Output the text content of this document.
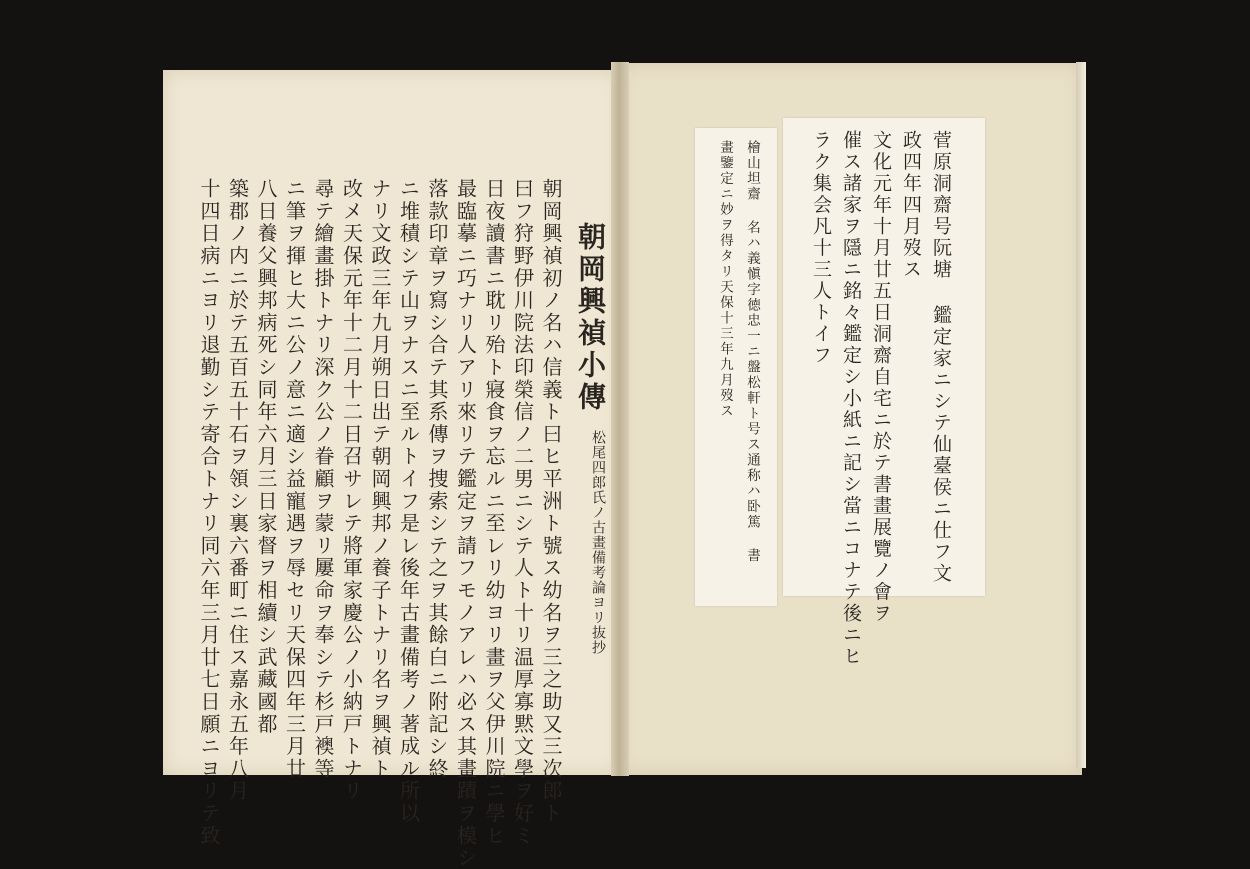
朝岡興禎小傳
松尾四郎氏ノ古畫備考論ヨリ抜抄
朝岡興禎初ノ名ハ信義ト曰ヒ平洲ト號ス幼名ヲ三之助又三次郎ト
曰フ狩野伊川院法印榮信ノ二男ニシテ人ト十リ温厚寡黙文學ヲ好ミ
日夜讀書ニ耽リ殆ト寢食ヲ忘ルニ至レリ幼ヨリ畫ヲ父伊川院ニ學ヒ
最臨摹ニ巧ナリ人アリ來リテ鑑定ヲ請フモノアレハ必ス其畫蹟ヲ模シ
落款印章ヲ寫シ合テ其系傳ヲ捜索シテ之ヲ其餘白ニ附記シ終
ニ堆積シテ山ヲナスニ至ルトイフ是レ後年古畫備考ノ著成ル所以
ナリ文政三年九月朔日出テ朝岡興邦ノ養子トナリ名ヲ興禎ト
改メ天保元年十二月十二日召サレテ將軍家慶公ノ小納戸トナリ
尋テ繪畫掛トナリ深ク公ノ眷顧ヲ蒙リ屢命ヲ奉シテ杉戸襖等
ニ筆ヲ揮ヒ大ニ公ノ意ニ適シ益寵遇ヲ辱セリ天保四年三月廿
八日養父興邦病死シ同年六月三日家督ヲ相續シ武藏國都
築郡ノ内ニ於テ五百五十石ヲ領シ裏六番町ニ住ス嘉永五年八月
十四日病ニヨリ退勤シテ寄合トナリ同六年三月廿七日願ニヨリテ致	檜山坦齋 名ハ義愼字徳忠一ニ盤松軒ト号ス通称ハ卧篤 書
畫鑒定ニ妙ヲ得タリ天保十三年九月歿ス	菅原洞齋号阮塘 鑑定家ニシテ仙臺侯ニ仕フ文
政四年四月歿ス
文化元年十月廿五日洞齋自宅ニ於テ書畫展覽ノ會ヲ
催ス諸家ヲ隱ニ銘々鑑定シ小紙ニ記シ當ニコナテ後ニヒ
ラク集会凡十三人トイフ
